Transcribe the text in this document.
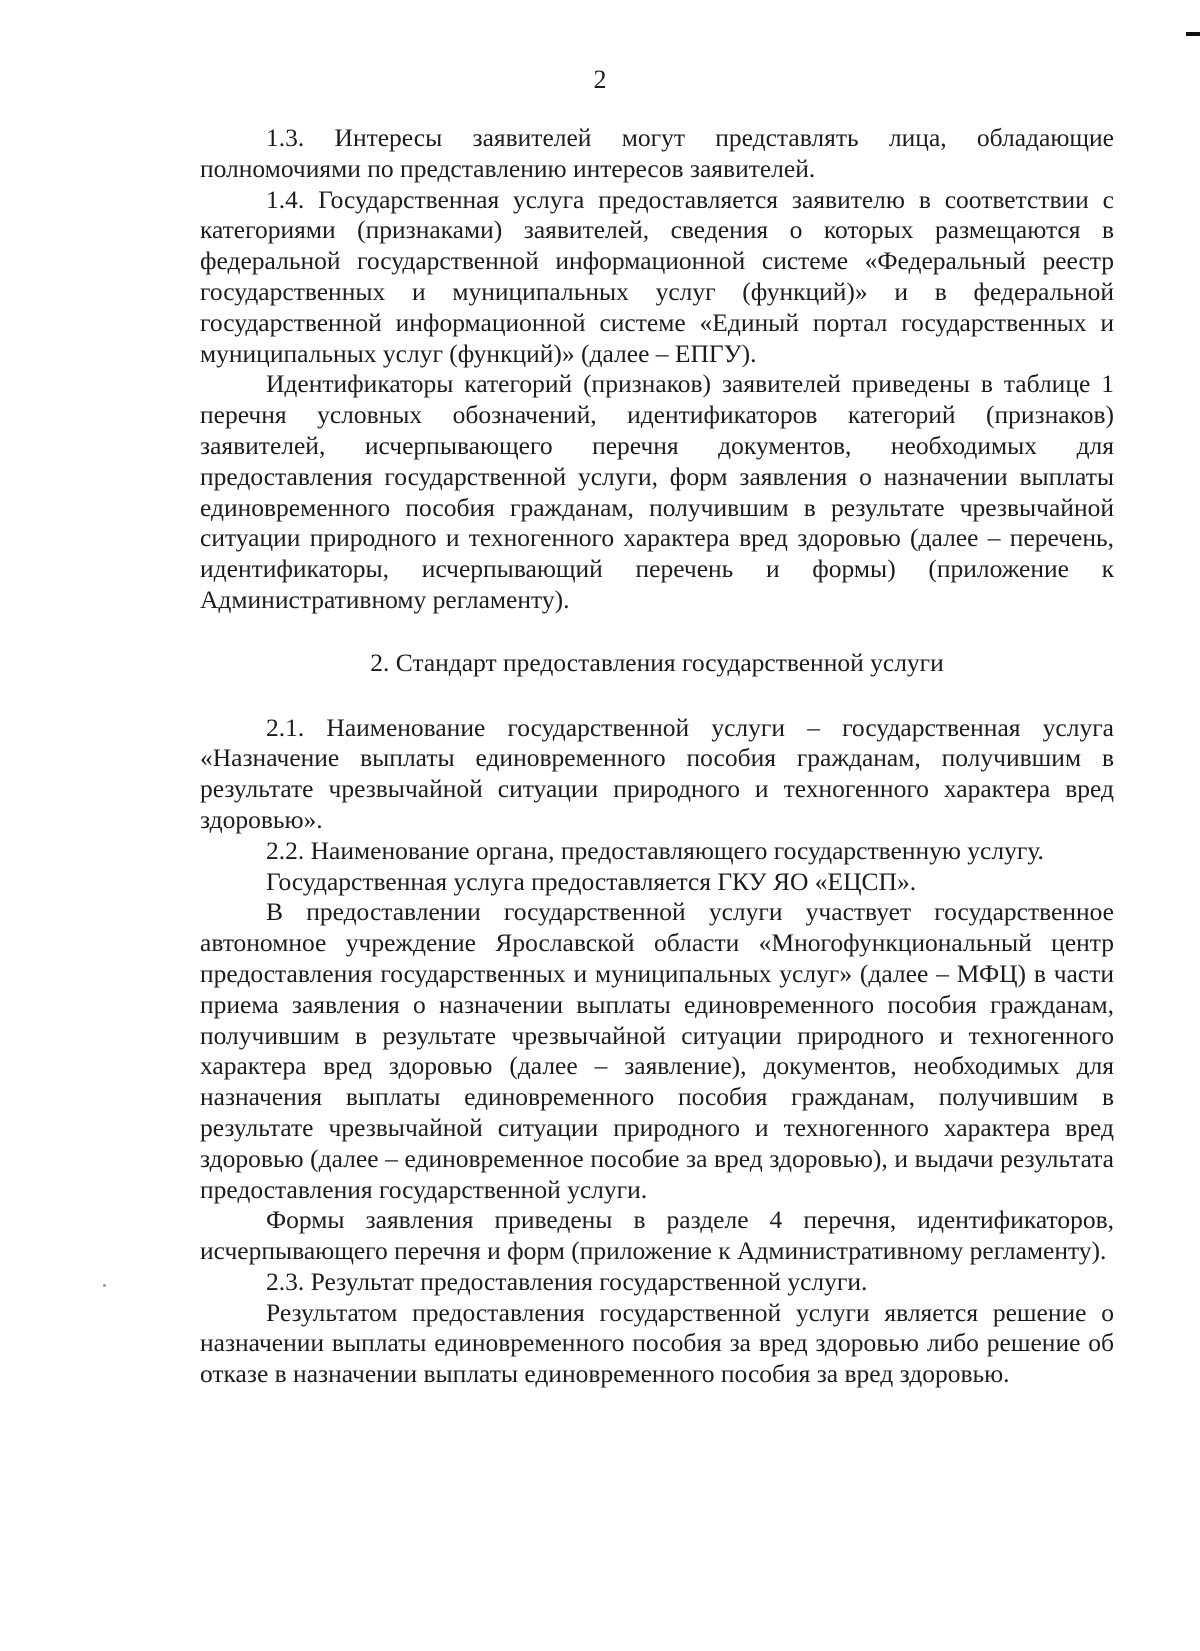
2

1.3. Интересы заявителей могут представлять лица, обладающие полномочиями по представлению интересов заявителей.

1.4. Государственная услуга предоставляется заявителю в соответствии с категориями (признаками) заявителей, сведения о которых размещаются в федеральной государственной информационной системе «Федеральный реестр государственных и муниципальных услуг (функций)» и в федеральной государственной информационной системе «Единый портал государственных и муниципальных услуг (функций)» (далее – ЕПГУ).

Идентификаторы категорий (признаков) заявителей приведены в таблице 1 перечня условных обозначений, идентификаторов категорий (признаков) заявителей, исчерпывающего перечня документов, необходимых для предоставления государственной услуги, форм заявления о назначении выплаты единовременного пособия гражданам, получившим в результате чрезвычайной ситуации природного и техногенного характера вред здоровью (далее – перечень, идентификаторы, исчерпывающий перечень и формы) (приложение к Административному регламенту).

2. Стандарт предоставления государственной услуги

2.1. Наименование государственной услуги – государственная услуга «Назначение выплаты единовременного пособия гражданам, получившим в результате чрезвычайной ситуации природного и техногенного характера вред здоровью».

2.2. Наименование органа, предоставляющего государственную услугу.

Государственная услуга предоставляется ГКУ ЯО «ЕЦСП».

В предоставлении государственной услуги участвует государственное автономное учреждение Ярославской области «Многофункциональный центр предоставления государственных и муниципальных услуг» (далее – МФЦ) в части приема заявления о назначении выплаты единовременного пособия гражданам, получившим в результате чрезвычайной ситуации природного и техногенного характера вред здоровью (далее – заявление), документов, необходимых для назначения выплаты единовременного пособия гражданам, получившим в результате чрезвычайной ситуации природного и техногенного характера вред здоровью (далее – единовременное пособие за вред здоровью), и выдачи результата предоставления государственной услуги.

Формы заявления приведены в разделе 4 перечня, идентификаторов, исчерпывающего перечня и форм (приложение к Административному регламенту).

2.3. Результат предоставления государственной услуги.

Результатом предоставления государственной услуги является решение о назначении выплаты единовременного пособия за вред здоровью либо решение об отказе в назначении выплаты единовременного пособия за вред здоровью.
